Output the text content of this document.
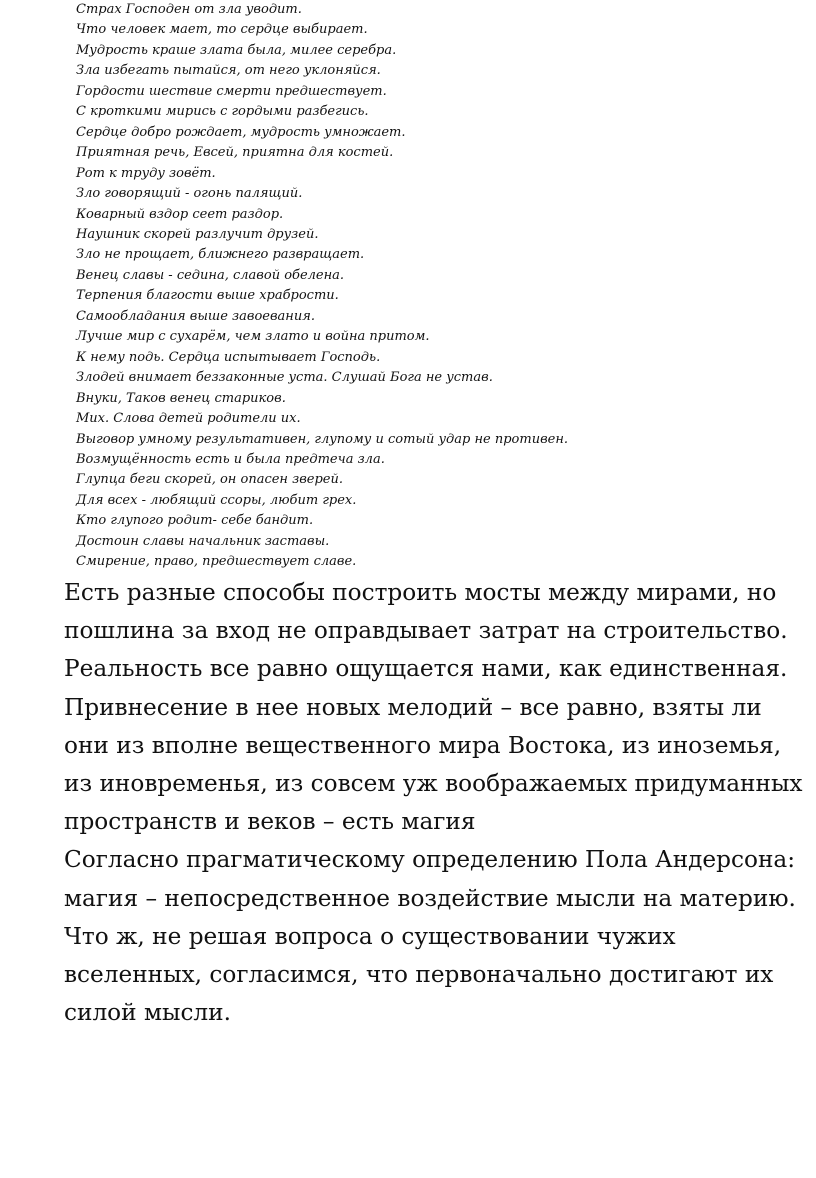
Страх Господен от зла уводит.
Что человек мает, то сердце выбирает.
Мудрость краше злата была, милее серебра.
Зла избегать пытайся, от него уклоняйся.
Гордости шествие смерти предшествует.
С кроткими мирись с гордыми разбегись.
Сердце добро рождает, мудрость умножает.
Приятная речь, Евсей, приятна для костей.
Рот к труду зовёт.
Зло говорящий - огонь палящий.
Коварный вздор сеет раздор.
Наушник скорей разлучит друзей.
Зло не прощает, ближнего развращает.
Венец славы - седина, славой обелена.
Терпения благости выше храбрости.
Самообладания выше завоевания.
Лучше мир с сухарём, чем злато и война притом.
К нему подь. Сердца испытывает Господь.
Злодей внимает беззаконные уста. Слушай Бога не устав.
Внуки, Таков венец стариков.
Мих. Слова детей родители их.
Выговор умному результативен, глупому и сотый удар не противен.
Возмущённость есть и была предтеча зла.
Глупца беги скорей, он опасен зверей.
Для всех - любящий ссоры, любит грех.
Кто глупого родит- себе бандит.
Достоин славы начальник заставы.
Смирение, право, предшествует славе.

Есть разные способы построить мосты между мирами, но пошлина за вход не оправдывает затрат на строительство.

Реальность все равно ощущается нами, как единственная.

Привнесение в нее новых мелодий – все равно, взяты ли они из вполне вещественного мира Востока, из иноземья, из иновременья, из совсем уж воображаемых придуманных пространств и веков – есть магия

Согласно прагматическому определению Пола Андерсона: магия – непосредственное воздействие мысли на материю.

Что ж, не решая вопроса о существовании чужих вселенных, согласимся, что первоначально достигают их силой мысли.
